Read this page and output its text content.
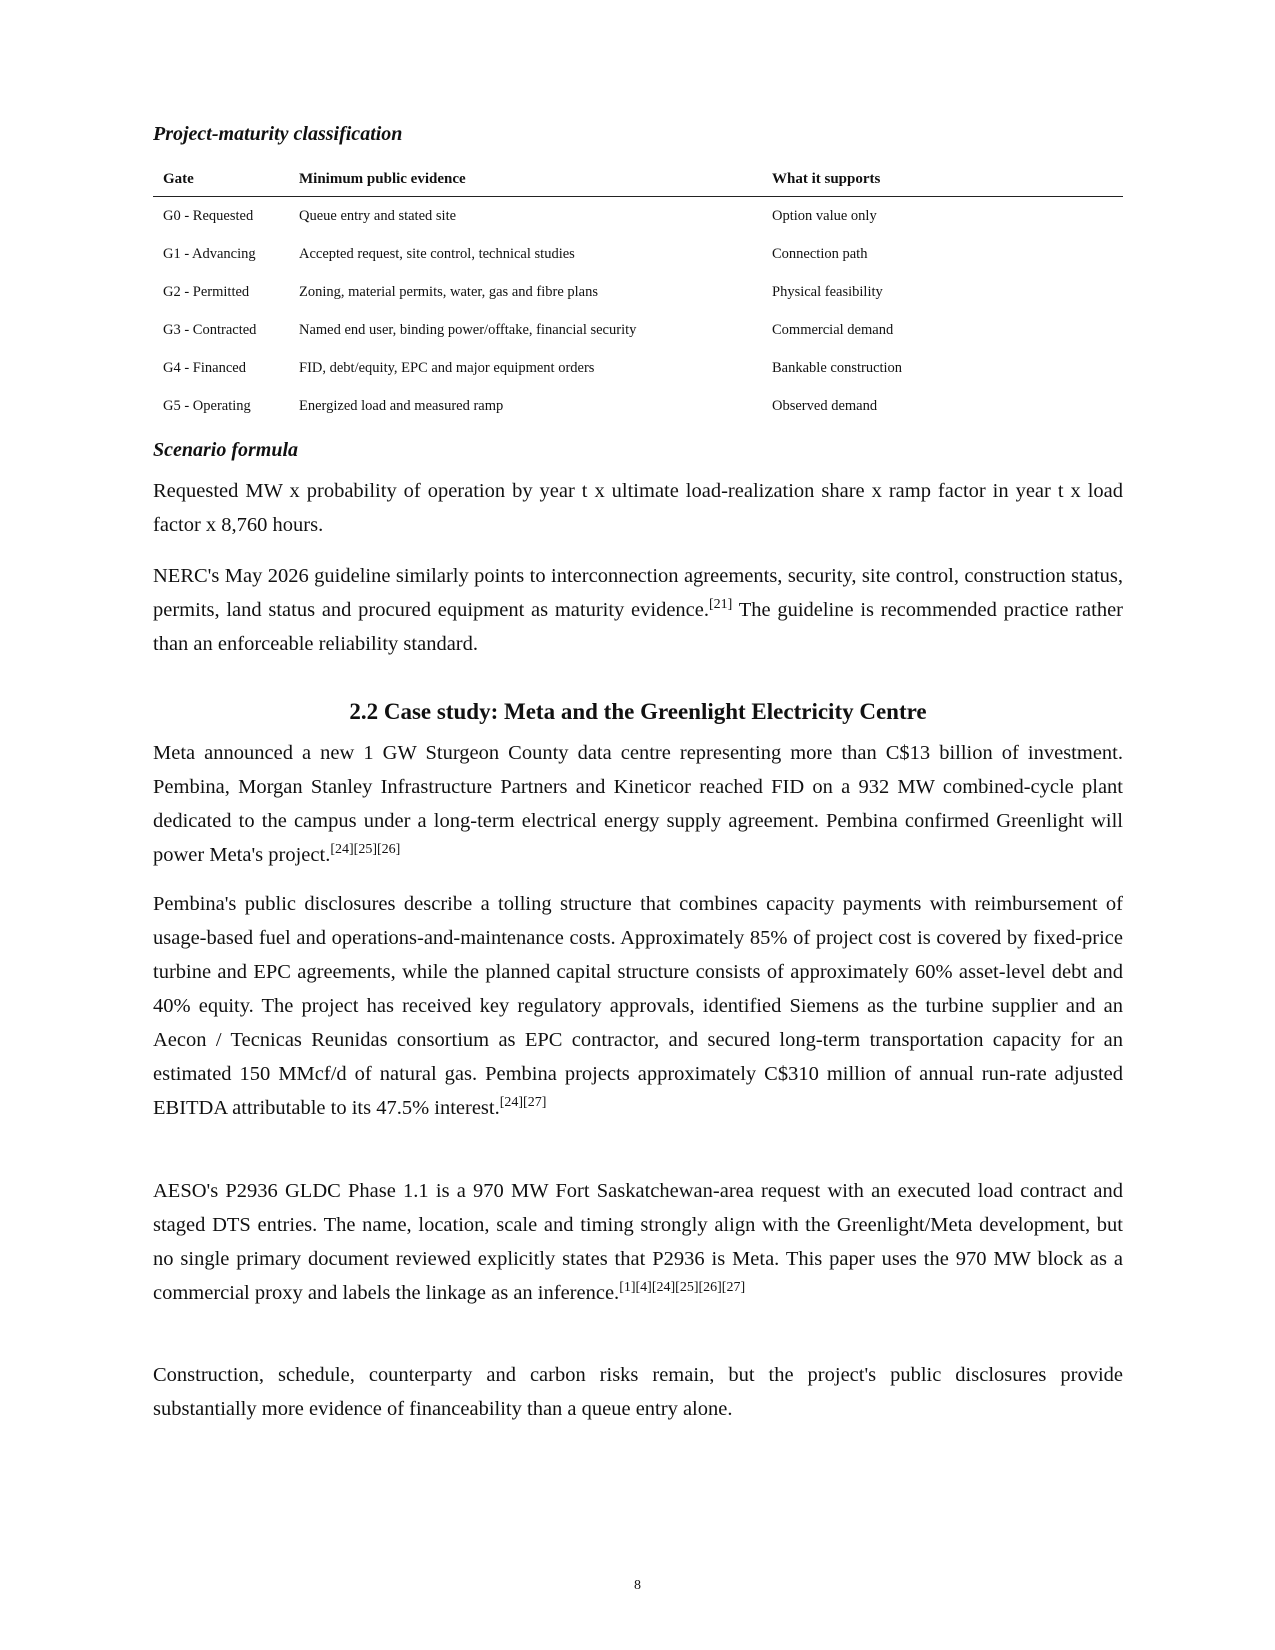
Project-maturity classification
Gate	Minimum public evidence	What it supports
G0 - Requested	Queue entry and stated site	Option value only
G1 - Advancing	Accepted request, site control, technical studies	Connection path
G2 - Permitted	Zoning, material permits, water, gas and fibre plans	Physical feasibility
G3 - Contracted	Named end user, binding power/offtake, financial security	Commercial demand
G4 - Financed	FID, debt/equity, EPC and major equipment orders	Bankable construction
G5 - Operating	Energized load and measured ramp	Observed demand
Scenario formula

Requested MW x probability of operation by year t x ultimate load-realization share x ramp factor in year t x load factor x 8,760 hours.

NERC's May 2026 guideline similarly points to interconnection agreements, security, site control, construction status, permits, land status and procured equipment as maturity evidence.[21] The guideline is recommended practice rather than an enforceable reliability standard.

2.2 Case study: Meta and the Greenlight Electricity Centre

Meta announced a new 1 GW Sturgeon County data centre representing more than C$13 billion of investment. Pembina, Morgan Stanley Infrastructure Partners and Kineticor reached FID on a 932 MW combined-cycle plant dedicated to the campus under a long-term electrical energy supply agreement. Pembina confirmed Greenlight will power Meta's project.[24][25][26]

Pembina's public disclosures describe a tolling structure that combines capacity payments with reimbursement of usage-based fuel and operations-and-maintenance costs. Approximately 85% of project cost is covered by fixed-price turbine and EPC agreements, while the planned capital structure consists of approximately 60% asset-level debt and 40% equity. The project has received key regulatory approvals, identified Siemens as the turbine supplier and an Aecon / Tecnicas Reunidas consortium as EPC contractor, and secured long-term transportation capacity for an estimated 150 MMcf/d of natural gas. Pembina projects approximately C$310 million of annual run-rate adjusted EBITDA attributable to its 47.5% interest.[24][27]

AESO's P2936 GLDC Phase 1.1 is a 970 MW Fort Saskatchewan-area request with an executed load contract and staged DTS entries. The name, location, scale and timing strongly align with the Greenlight/Meta development, but no single primary document reviewed explicitly states that P2936 is Meta. This paper uses the 970 MW block as a commercial proxy and labels the linkage as an inference.[1][4][24][25][26][27]

Construction, schedule, counterparty and carbon risks remain, but the project's public disclosures provide substantially more evidence of financeability than a queue entry alone.

8
